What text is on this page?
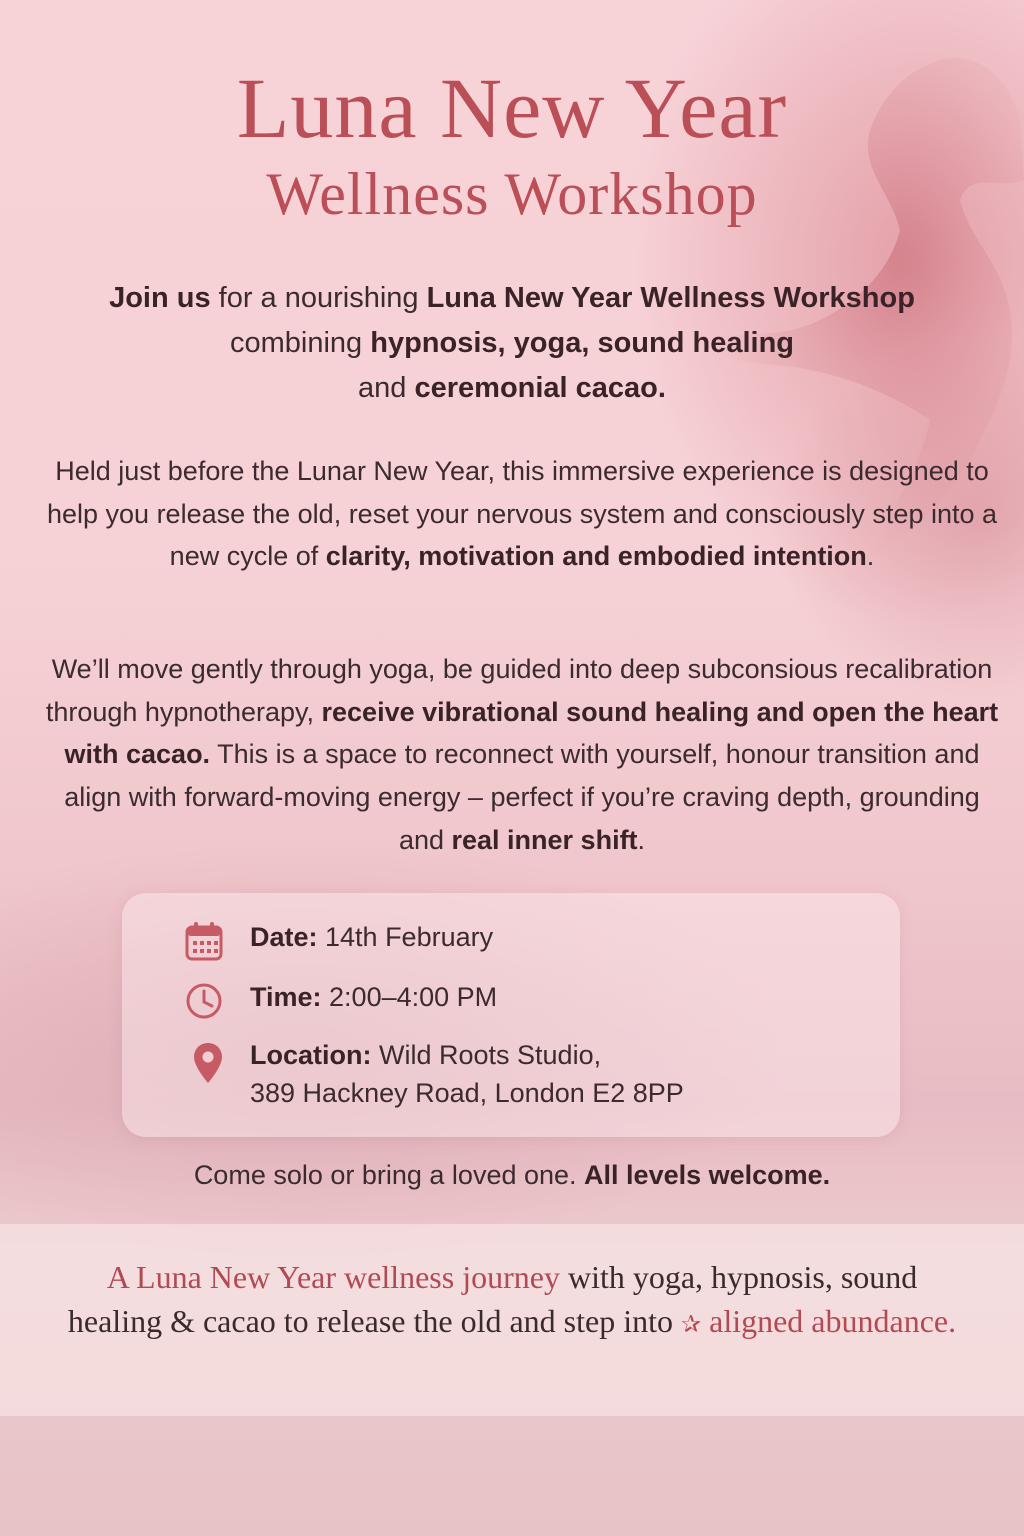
Luna New Year
Wellness Workshop
Join us for a nourishing Luna New Year Wellness Workshop combining hypnosis, yoga, sound healing
and ceremonial cacao.
Held just before the Lunar New Year, this immersive experience is designed to help you release the old, reset your nervous system and consciously step into a new cycle of clarity, motivation and embodied intention.
We’ll move gently through yoga, be guided into deep subconsious recalibration through hypnotherapy, receive vibrational sound healing and open the heart with cacao. This is a space to reconnect with yourself, honour transition and align with forward-moving energy – perfect if you’re craving depth, grounding and real inner shift.
Date: 14th February
Time: 2:00–4:00 PM
Location: Wild Roots Studio,
389 Hackney Road, London E2 8PP
Come solo or bring a loved one. All levels welcome.
A Luna New Year wellness journey with yoga, hypnosis, sound healing & cacao to release the old and step into ✰ aligned abundance.
